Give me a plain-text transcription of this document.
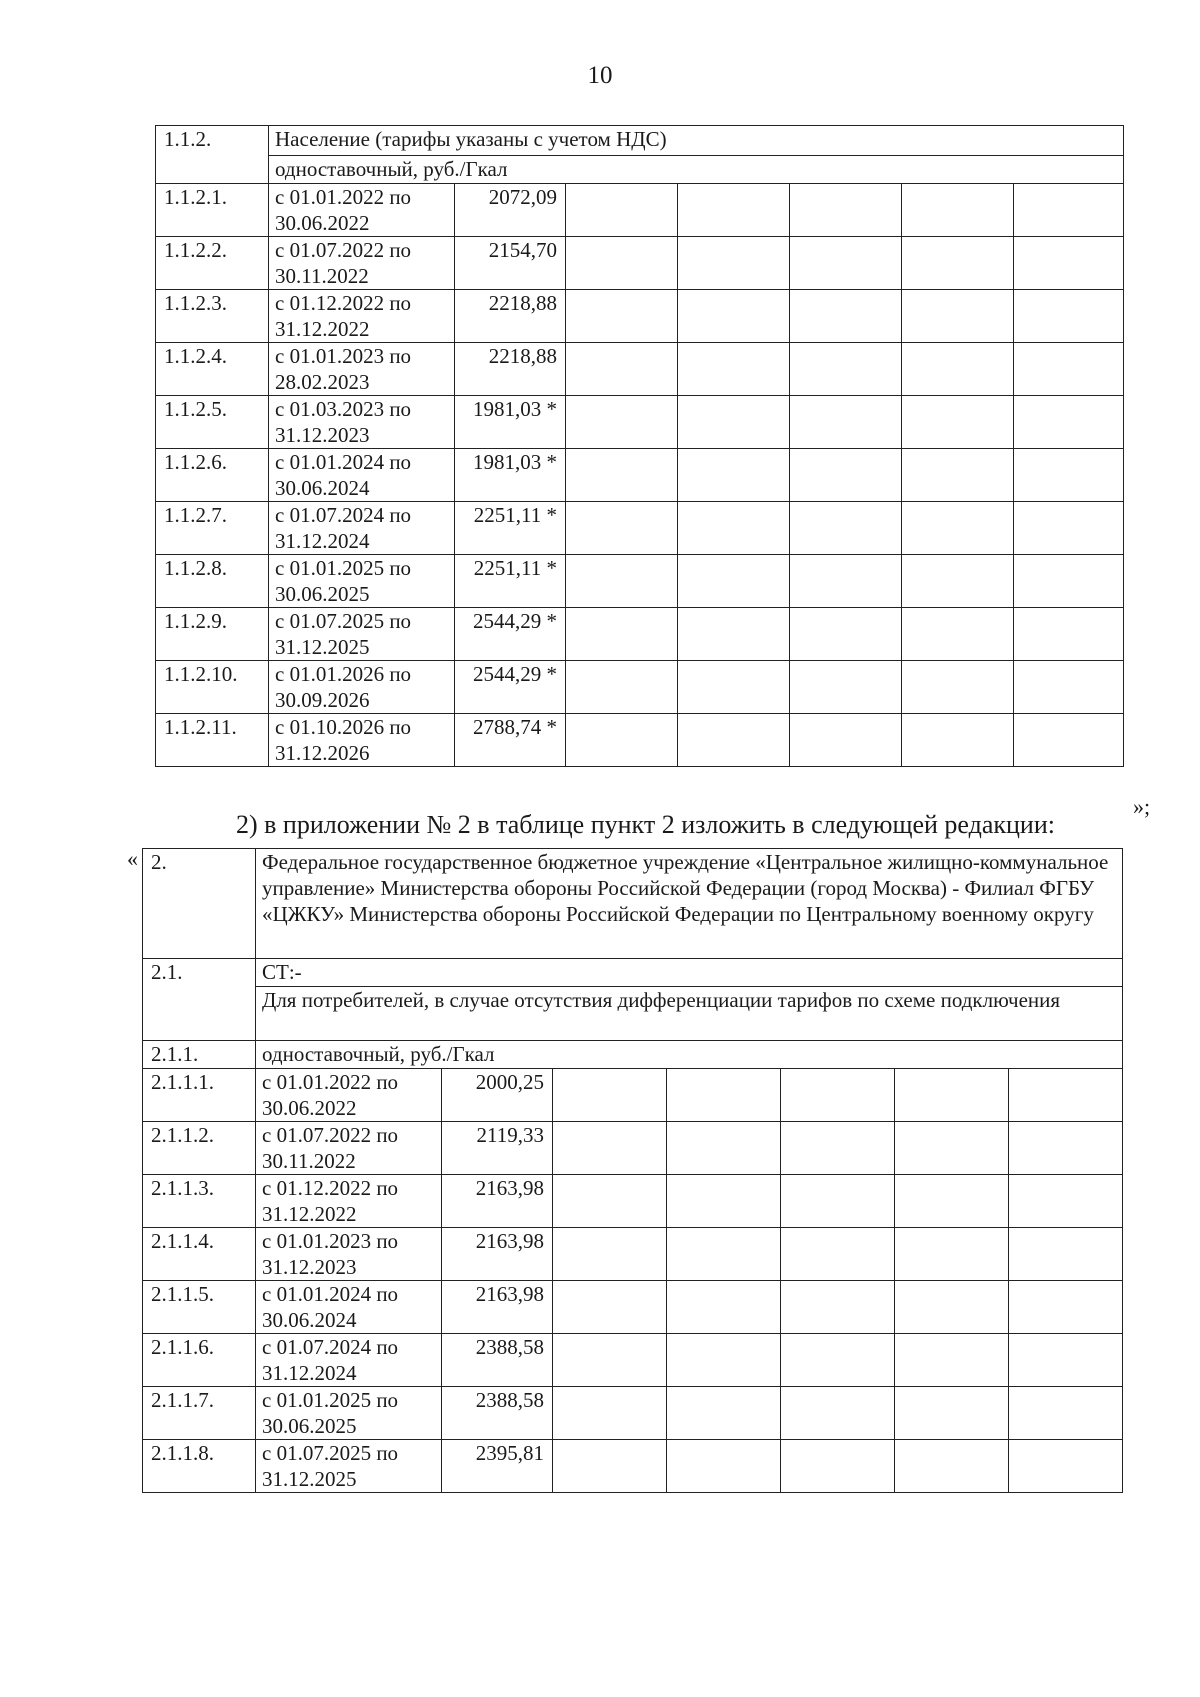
10
1.1.2.	Население (тарифы указаны с учетом НДС)						
	одноставочный, руб./Гкал						
1.1.2.1.	с 01.01.2022 по 30.06.2022	2072,09					
1.1.2.2.	с 01.07.2022 по 30.11.2022	2154,70					
1.1.2.3.	с 01.12.2022 по 31.12.2022	2218,88					
1.1.2.4.	с 01.01.2023 по 28.02.2023	2218,88					
1.1.2.5.	с 01.03.2023 по 31.12.2023	1981,03 *					
1.1.2.6.	с 01.01.2024 по 30.06.2024	1981,03 *					
1.1.2.7.	с 01.07.2024 по 31.12.2024	2251,11 *					
1.1.2.8.	с 01.01.2025 по 30.06.2025	2251,11 *					
1.1.2.9.	с 01.07.2025 по 31.12.2025	2544,29 *					
1.1.2.10.	с 01.01.2026 по 30.09.2026	2544,29 *					
1.1.2.11.	с 01.10.2026 по 31.12.2026	2788,74 *					
»;
2) в приложении № 2 в таблице пункт 2 изложить в следующей редакции:
« 2.	Федеральное государственное бюджетное учреждение «Центральное жилищно-коммунальное управление» Министерства обороны Российской Федерации (город Москва) - Филиал ФГБУ «ЦЖКУ» Министерства обороны Российской Федерации по Центральному военному округу						
2.1.	СТ:-						
	Для потребителей, в случае отсутствия дифференциации тарифов по схеме подключения						
2.1.1.	одноставочный, руб./Гкал						
2.1.1.1.	с 01.01.2022 по 30.06.2022	2000,25					
2.1.1.2.	с 01.07.2022 по 30.11.2022	2119,33					
2.1.1.3.	с 01.12.2022 по 31.12.2022	2163,98					
2.1.1.4.	с 01.01.2023 по 31.12.2023	2163,98					
2.1.1.5.	с 01.01.2024 по 30.06.2024	2163,98					
2.1.1.6.	с 01.07.2024 по 31.12.2024	2388,58					
2.1.1.7.	с 01.01.2025 по 30.06.2025	2388,58					
2.1.1.8.	с 01.07.2025 по 31.12.2025	2395,81					
